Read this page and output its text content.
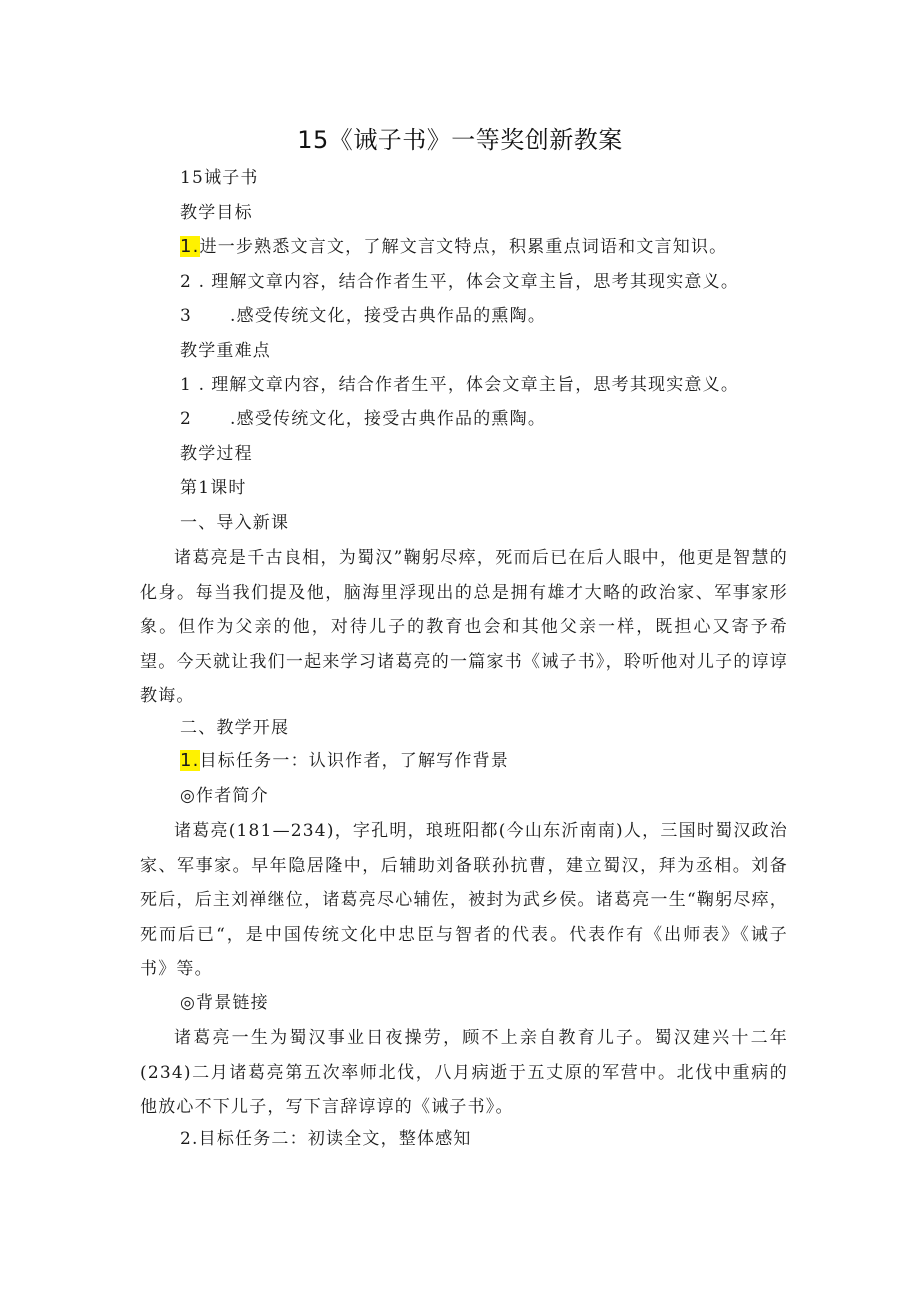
15《诫子书》一等奖创新教案
15诫子书
教学目标
1.进一步熟悉文言文，了解文言文特点，积累重点词语和文言知识。
2 . 理解文章内容，结合作者生平，体会文章主旨，思考其现实意义。
3 .感受传统文化，接受古典作品的熏陶。
教学重难点
1 . 理解文章内容，结合作者生平，体会文章主旨，思考其现实意义。
2 .感受传统文化，接受古典作品的熏陶。
教学过程
第1课时
一、导入新课
诸葛亮是千古良相，为蜀汉”鞠躬尽瘁，死而后已在后人眼中，他更是智慧的化身。每当我们提及他，脑海里浮现出的总是拥有雄才大略的政治家、军事家形象。但作为父亲的他，对待儿子的教育也会和其他父亲一样，既担心又寄予希望。今天就让我们一起来学习诸葛亮的一篇家书《诫子书》，聆听他对儿子的谆谆教诲。
二、教学开展
1.目标任务一：认识作者，了解写作背景
◎作者简介
诸葛亮(181—234)，字孔明，琅班阳都(今山东沂南南)人，三国时蜀汉政治家、军事家。早年隐居隆中，后辅助刘备联孙抗曹，建立蜀汉，拜为丞相。刘备死后，后主刘禅继位，诸葛亮尽心辅佐，被封为武乡侯。诸葛亮一生“鞠躬尽瘁，死而后已“，是中国传统文化中忠臣与智者的代表。代表作有《出师表》《诫子书》等。
◎背景链接
诸葛亮一生为蜀汉事业日夜操劳，顾不上亲自教育儿子。蜀汉建兴十二年(234)二月诸葛亮第五次率师北伐，八月病逝于五丈原的军营中。北伐中重病的他放心不下儿子，写下言辞谆谆的《诫子书》。
2.目标任务二：初读全文，整体感知
